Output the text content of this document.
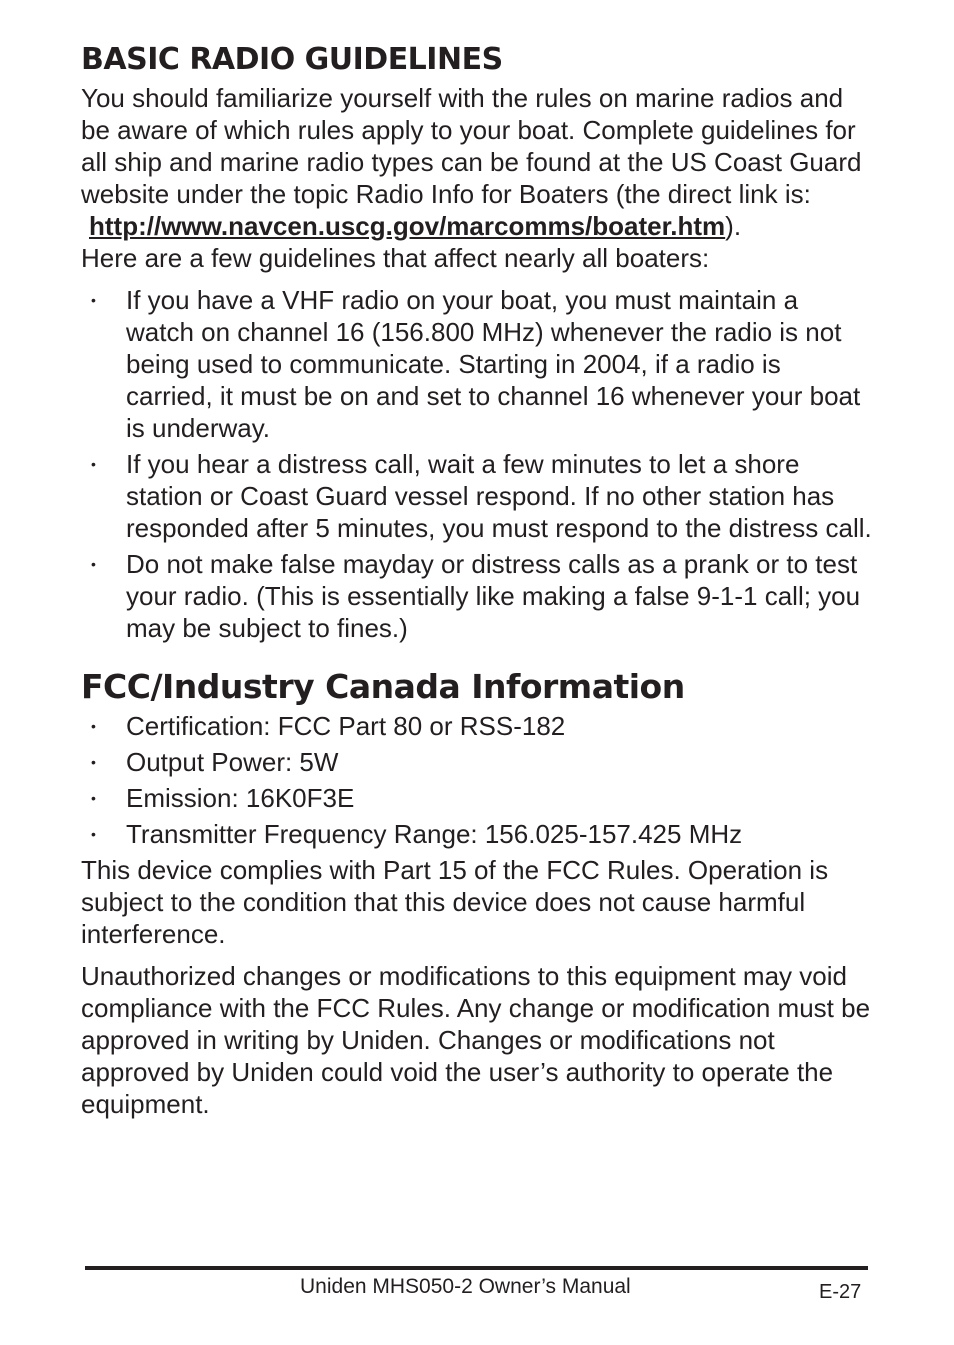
BASIC RADIO GUIDELINES

You should familiarize yourself with the rules on marine radios and be aware of which rules apply to your boat. Complete guidelines for all ship and marine radio types can be found at the US Coast Guard website under the topic Radio Info for Boaters (the direct link is:

http://www.navcen.uscg.gov/marcomms/boater.htm).

Here are a few guidelines that affect nearly all boaters:

• If you have a VHF radio on your boat, you must maintain a watch on channel 16 (156.800 MHz) whenever the radio is not being used to communicate. Starting in 2004, if a radio is carried, it must be on and set to channel 16 whenever your boat is underway.
• If you hear a distress call, wait a few minutes to let a shore station or Coast Guard vessel respond. If no other station has responded after 5 minutes, you must respond to the distress call.
• Do not make false mayday or distress calls as a prank or to test your radio. (This is essentially like making a false 9-1-1 call; you may be subject to fines.)
FCC/Industry Canada Information
• Certification: FCC Part 80 or RSS-182
• Output Power: 5W
• Emission: 16K0F3E
• Transmitter Frequency Range: 156.025-157.425 MHz

This device complies with Part 15 of the FCC Rules. Operation is subject to the condition that this device does not cause harmful interference.

Unauthorized changes or modifications to this equipment may void compliance with the FCC Rules. Any change or modification must be approved in writing by Uniden. Changes or modifications not approved by Uniden could void the user’s authority to operate the equipment.

Uniden MHS050-2 Owner’s Manual	E-27
